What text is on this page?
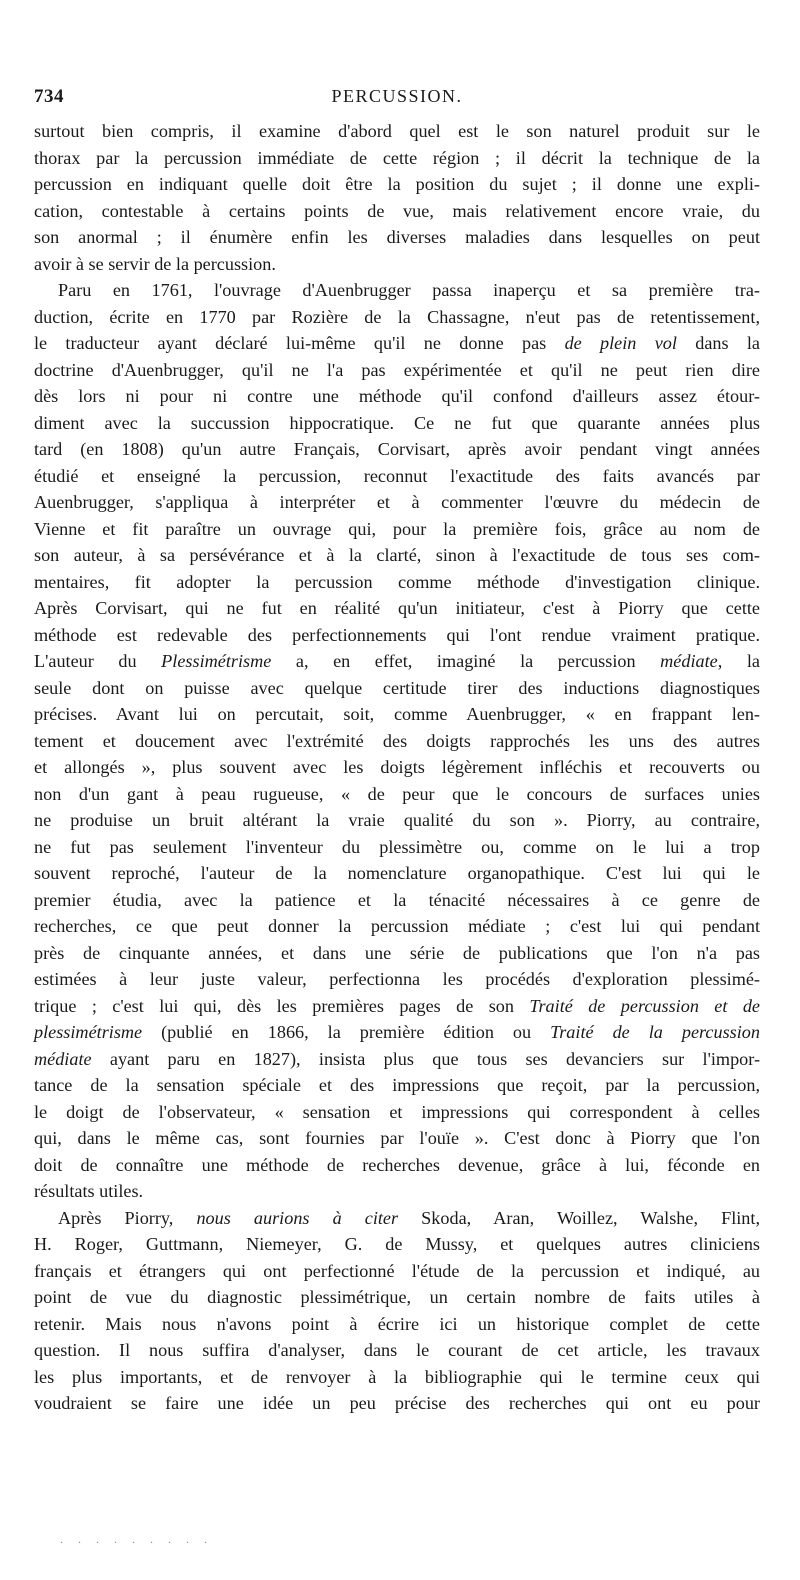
734	PERCUSSION.
surtout bien compris, il examine d'abord quel est le son naturel produit sur le
thorax par la percussion immédiate de cette région ; il décrit la technique de la
percussion en indiquant quelle doit être la position du sujet ; il donne une expli-
cation, contestable à certains points de vue, mais relativement encore vraie, du
son anormal ; il énumère enfin les diverses maladies dans lesquelles on peut
avoir à se servir de la percussion.
Paru en 1761, l'ouvrage d'Auenbrugger passa inaperçu et sa première tra-
duction, écrite en 1770 par Rozière de la Chassagne, n'eut pas de retentissement,
le traducteur ayant déclaré lui-même qu'il ne donne pas de plein vol dans la
doctrine d'Auenbrugger, qu'il ne l'a pas expérimentée et qu'il ne peut rien dire
dès lors ni pour ni contre une méthode qu'il confond d'ailleurs assez étour-
diment avec la succussion hippocratique. Ce ne fut que quarante années plus
tard (en 1808) qu'un autre Français, Corvisart, après avoir pendant vingt années
étudié et enseigné la percussion, reconnut l'exactitude des faits avancés par
Auenbrugger, s'appliqua à interpréter et à commenter l'œuvre du médecin de
Vienne et fit paraître un ouvrage qui, pour la première fois, grâce au nom de
son auteur, à sa persévérance et à la clarté, sinon à l'exactitude de tous ses com-
mentaires, fit adopter la percussion comme méthode d'investigation clinique.
Après Corvisart, qui ne fut en réalité qu'un initiateur, c'est à Piorry que cette
méthode est redevable des perfectionnements qui l'ont rendue vraiment pratique.
L'auteur du Plessimétrisme a, en effet, imaginé la percussion médiate, la
seule dont on puisse avec quelque certitude tirer des inductions diagnostiques
précises. Avant lui on percutait, soit, comme Auenbrugger, « en frappant len-
tement et doucement avec l'extrémité des doigts rapprochés les uns des autres
et allongés », plus souvent avec les doigts légèrement infléchis et recouverts ou
non d'un gant à peau rugueuse, « de peur que le concours de surfaces unies
ne produise un bruit altérant la vraie qualité du son ». Piorry, au contraire,
ne fut pas seulement l'inventeur du plessimètre ou, comme on le lui a trop
souvent reproché, l'auteur de la nomenclature organopathique. C'est lui qui le
premier étudia, avec la patience et la ténacité nécessaires à ce genre de
recherches, ce que peut donner la percussion médiate ; c'est lui qui pendant
près de cinquante années, et dans une série de publications que l'on n'a pas
estimées à leur juste valeur, perfectionna les procédés d'exploration plessimé-
trique ; c'est lui qui, dès les premières pages de son Traité de percussion et de
plessimétrisme (publié en 1866, la première édition ou Traité de la percussion
médiate ayant paru en 1827), insista plus que tous ses devanciers sur l'impor-
tance de la sensation spéciale et des impressions que reçoit, par la percussion,
le doigt de l'observateur, « sensation et impressions qui correspondent à celles
qui, dans le même cas, sont fournies par l'ouïe ». C'est donc à Piorry que l'on
doit de connaître une méthode de recherches devenue, grâce à lui, féconde en
résultats utiles.
Après Piorry, nous aurions à citer Skoda, Aran, Woillez, Walshe, Flint,
H. Roger, Guttmann, Niemeyer, G. de Mussy, et quelques autres cliniciens
français et étrangers qui ont perfectionné l'étude de la percussion et indiqué, au
point de vue du diagnostic plessimétrique, un certain nombre de faits utiles à
retenir. Mais nous n'avons point à écrire ici un historique complet de cette
question. Il nous suffira d'analyser, dans le courant de cet article, les travaux
les plus importants, et de renvoyer à la bibliographie qui le termine ceux qui
voudraient se faire une idée un peu précise des recherches qui ont eu pour
. . . . . . . . .
